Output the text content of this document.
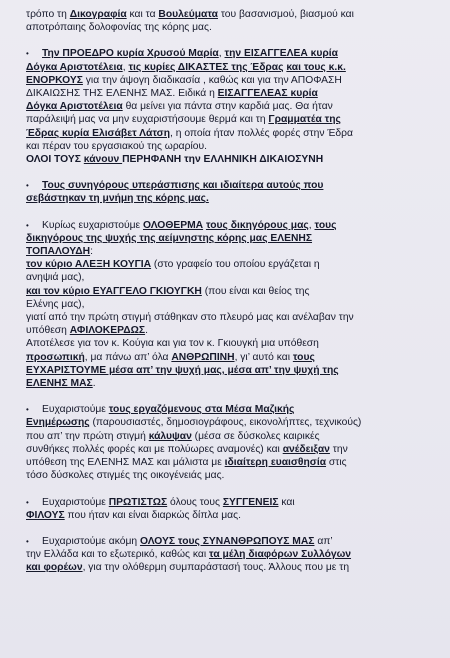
τρόπο τη Δικογραφία και τα Βουλεύματα του βασανισμού, βιασμού και
αποτρόπαιης δολοφονίας της κόρης μας.
• Την ΠΡΟΕΔΡΟ κυρία Χρυσού Μαρία, την ΕΙΣΑΓΓΕΛΕΑ κυρία
Δόγκα Αριστοτέλεια, τις κυρίες ΔΙΚΑΣΤΕΣ της Έδρας και τους κ.κ.
ΕΝΟΡΚΟΥΣ για την άψογη διαδικασία , καθώς και για την ΑΠΟΦΑΣΗ
ΔΙΚΑΙΩΣΗΣ ΤΗΣ ΕΛΕΝΗΣ ΜΑΣ. Ειδικά η ΕΙΣΑΓΓΕΛΕΑΣ κυρία
Δόγκα Αριστοτέλεια θα μείνει για πάντα στην καρδιά μας. Θα ήταν
παράλειψή μας να μην ευχαριστήσουμε θερμά και τη Γραμματέα της
Έδρας κυρία Ελισάβετ Λάτση, η οποία ήταν πολλές φορές στην Έδρα
και πέραν του εργασιακού της ωραρίου.
ΟΛΟΙ ΤΟΥΣ κάνουν ΠΕΡΗΦΑΝΗ την ΕΛΛΗΝΙΚΗ ΔΙΚΑΙΟΣΥΝΗ
• Τους συνηγόρους υπεράσπισης και ιδιαίτερα αυτούς που
σεβάστηκαν τη μνήμη της κόρης μας.
• Κυρίως ευχαριστούμε ΟΛΟΘΕΡΜΑ τους δικηγόρους μας, τους
δικηγόρους της ψυχής της αείμνηστης κόρης μας ΕΛΕΝΗΣ
ΤΟΠΑΛΟΥΔΗ:
τον κύριο ΑΛΕΞΗ ΚΟΥΓΙΑ (στο γραφείο του οποίου εργάζεται η
ανηψιά μας),
και τον κύριο ΕΥΑΓΓΕΛΟ ΓΚΙΟΥΓΚΗ (που είναι και θείος της
Ελένης μας),
γιατί από την πρώτη στιγμή στάθηκαν στο πλευρό μας και ανέλαβαν την
υπόθεση ΑΦΙΛΟΚΕΡΔΩΣ.
Αποτέλεσε για τον κ. Κούγια και για τον κ. Γκιουγκή μια υπόθεση
προσωπική, μα πάνω απ’ όλα ΑΝΘΡΩΠΙΝΗ, γι’ αυτό και τους
ΕΥΧΑΡΙΣΤΟΥΜΕ μέσα απ’ την ψυχή μας, μέσα απ’ την ψυχή της
ΕΛΕΝΗΣ ΜΑΣ.
• Ευχαριστούμε τους εργαζόμενους στα Μέσα Μαζικής
Ενημέρωσης (παρουσιαστές, δημοσιογράφους, εικονολήπτες, τεχνικούς)
που απ’ την πρώτη στιγμή κάλυψαν (μέσα σε δύσκολες καιρικές
συνθήκες πολλές φορές και με πολύωρες αναμονές) και ανέδειξαν την
υπόθεση της ΕΛΕΝΗΣ ΜΑΣ και μάλιστα με ιδιαίτερη ευαισθησία στις
τόσο δύσκολες στιγμές της οικογένειάς μας.
• Ευχαριστούμε ΠΡΩΤΙΣΤΩΣ όλους τους ΣΥΓΓΕΝΕΙΣ και
ΦΙΛΟΥΣ που ήταν και είναι διαρκώς δίπλα μας.
• Ευχαριστούμε ακόμη ΟΛΟΥΣ τους ΣΥΝΑΝΘΡΩΠΟΥΣ ΜΑΣ απ’
την Ελλάδα και το εξωτερικό, καθώς και τα μέλη διαφόρων Συλλόγων
και φορέων, για την ολόθερμη συμπαράστασή τους. Άλλους που με τη
